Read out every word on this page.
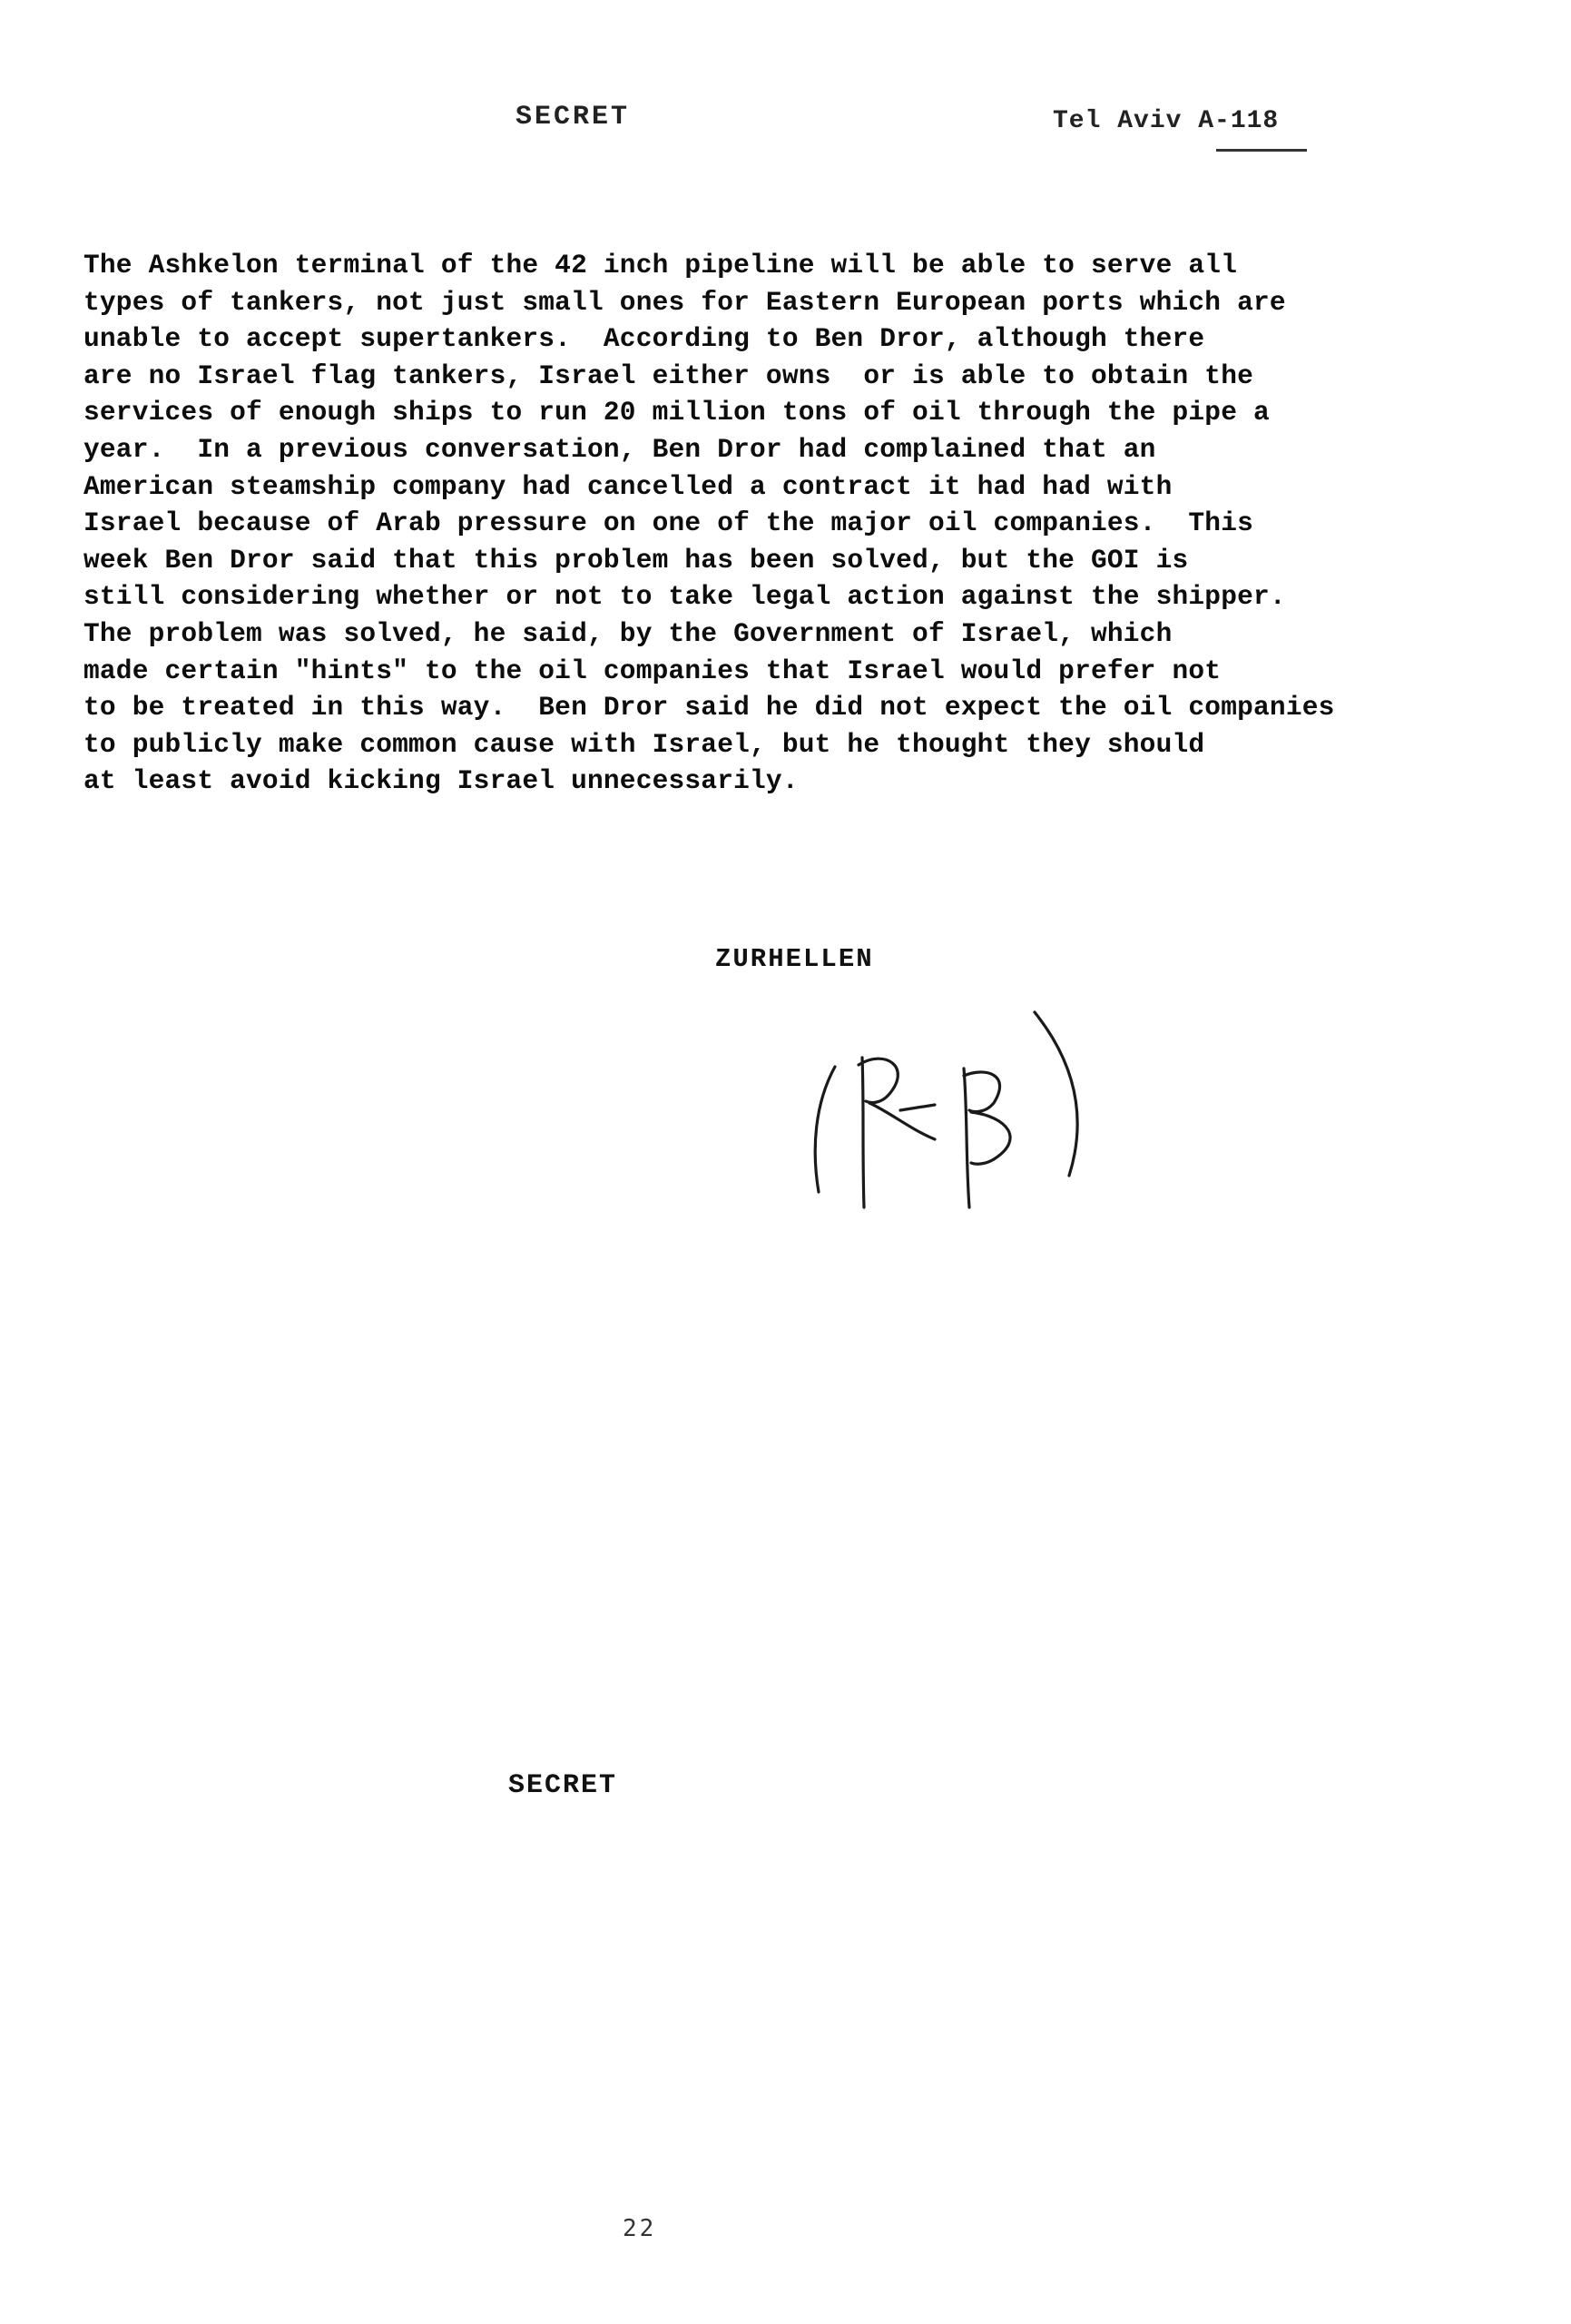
SECRET	Tel Aviv A-118
The Ashkelon terminal of the 42 inch pipeline will be able to serve all
types of tankers, not just small ones for Eastern European ports which are
unable to accept supertankers.  According to Ben Dror, although there
are no Israel flag tankers, Israel either owns  or is able to obtain the
services of enough ships to run 20 million tons of oil through the pipe a
year.  In a previous conversation, Ben Dror had complained that an
American steamship company had cancelled a contract it had had with
Israel because of Arab pressure on one of the major oil companies.  This
week Ben Dror said that this problem has been solved, but the GOI is
still considering whether or not to take legal action against the shipper.
The problem was solved, he said, by the Government of Israel, which
made certain "hints" to the oil companies that Israel would prefer not
to be treated in this way.  Ben Dror said he did not expect the oil companies
to publicly make common cause with Israel, but he thought they should
at least avoid kicking Israel unnecessarily.
ZURHELLEN
SECRET
22
